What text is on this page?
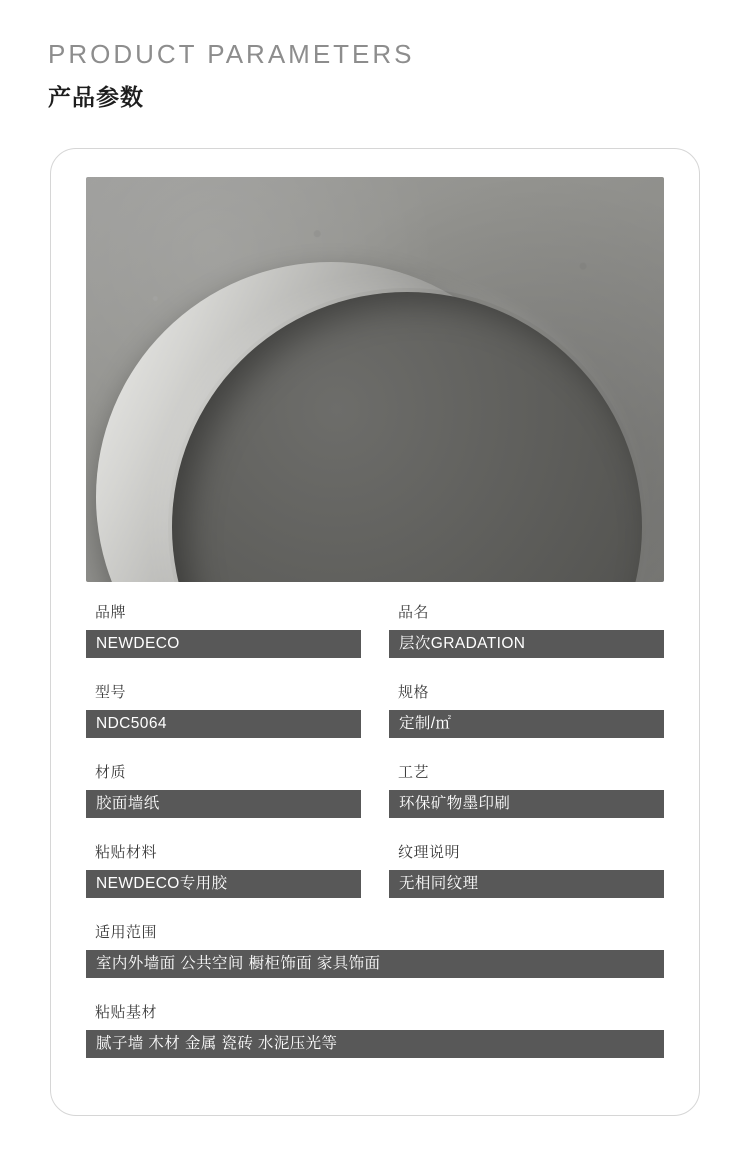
PRODUCT PARAMETERS
产品参数
品牌
NEWDECO
品名
层次GRADATION
型号
NDC5064
规格
定制/㎡
材质
胶面墙纸
工艺
环保矿物墨印刷
粘贴材料
NEWDECO专用胶
纹理说明
无相同纹理
适用范围
室内外墙面 公共空间 橱柜饰面 家具饰面
粘贴基材
腻子墙 木材 金属 瓷砖 水泥压光等
